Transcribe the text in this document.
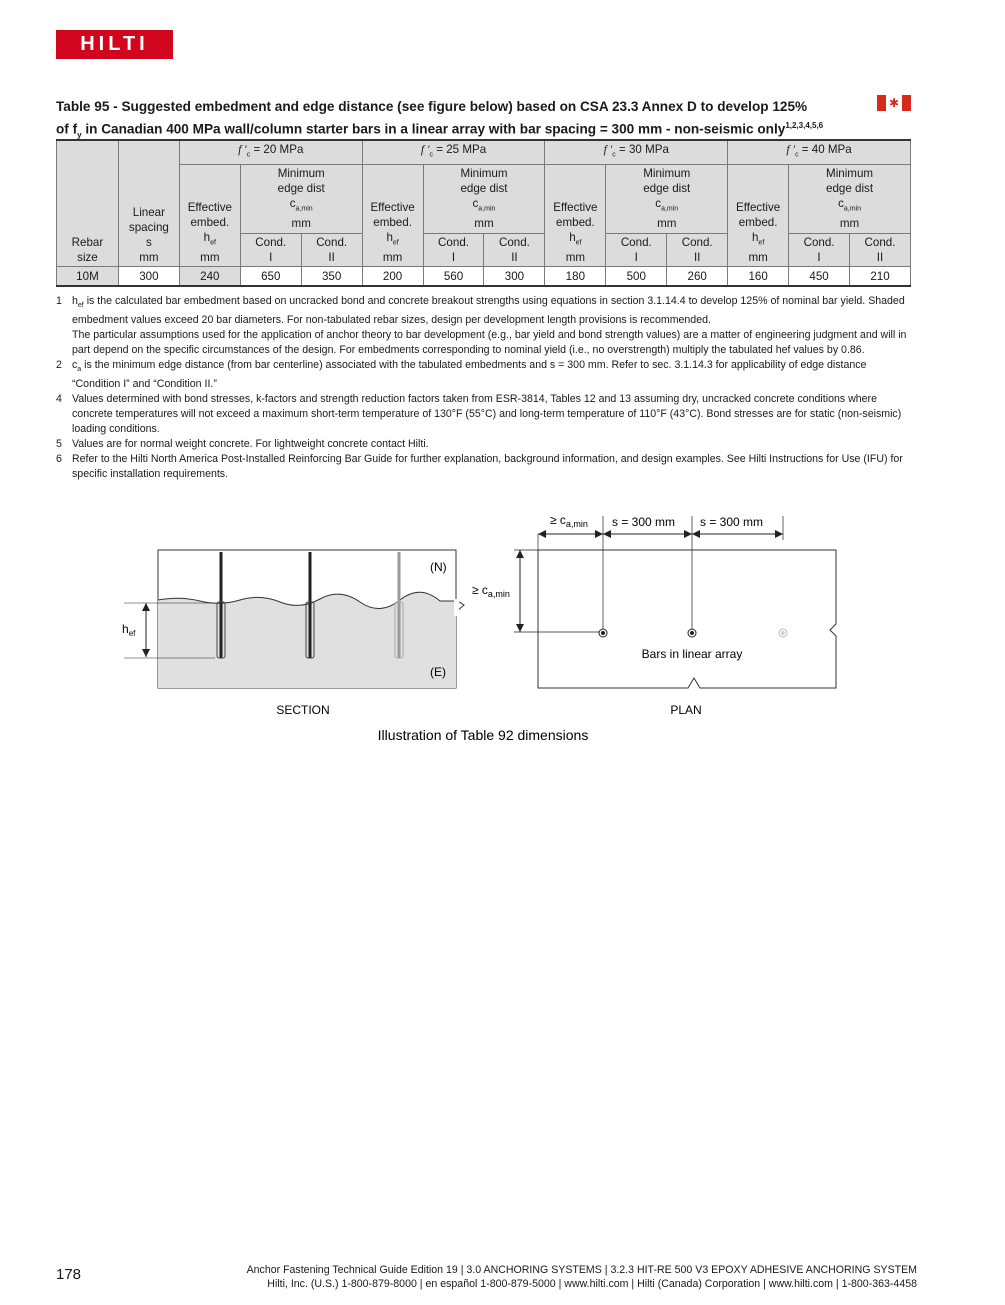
HILTI
Table 95 - Suggested embedment and edge distance (see figure below) based on CSA 23.3 Annex D to develop 125%
of $f_y$ in Canadian 400 MPa wall/column starter bars in a linear array with bar spacing = 300 mm - non-seismic only$^{1,2,3,4,5,6}$
✱
Rebar
size	Linear
spacing
s
mm	f $'_c = 20$ MPa			f $'_c = 25$ MPa			f $'_c = 30$ MPa			f $'_c = 40$ MPa		
		Effective
embed.
$h_{ef}$
mm	Minimum
edge dist
$c_{a,min}$
mm		Effective
embed.
$h_{ef}$
mm	Minimum
edge dist
$c_{a,min}$
mm		Effective
embed.
$h_{ef}$
mm	Minimum
edge dist
$c_{a,min}$
mm		Effective
embed.
$h_{ef}$
mm	Minimum
edge dist
$c_{a,min}$
mm	
			Cond.
I	Cond.
II		Cond.
I	Cond.
II		Cond.
I	Cond.
II		Cond.
I	Cond.
II
10M	300	240	650	350	200	560	300	180	500	260	160	450	210
1 $h_{ef}$ is the calculated bar embedment based on uncracked bond and concrete breakout strengths using equations in section 3.1.14.4 to develop 125% of nominal bar yield. Shaded embedment values exceed 20 bar diameters. For non-tabulated rebar sizes, design per development length provisions is recommended.
The particular assumptions used for the application of anchor theory to bar development (e.g., bar yield and bond strength values) are a matter of engineering judgment and will in part depend on the specific circumstances of the design. For embedments corresponding to nominal yield (i.e., no overstrength) multiply the tabulated hef values by 0.86.
2 $c_a$ is the minimum edge distance (from bar centerline) associated with the tabulated embedments and s = 300 mm. Refer to sec. 3.1.14.3 for applicability of edge distance “Condition I” and “Condition II.”
4 Values determined with bond stresses, k-factors and strength reduction factors taken from ESR-3814, Tables 12 and 13 assuming dry, uncracked concrete conditions where concrete temperatures will not exceed a maximum short-term temperature of 130°F (55°C) and long-term temperature of 110°F (43°C). Bond stresses are for static (non-seismic) loading conditions.
5 Values are for normal weight concrete. For lightweight concrete contact Hilti.
6 Refer to the Hilti North America Post-Installed Reinforcing Bar Guide for further explanation, background information, and design examples. See Hilti Instructions for Use (IFU) for specific installation requirements.
(N)
(E)
$h_{ef}$
SECTION
≥ $c_{a,min}$ s = 300 mm s = 300 mm
≥ $c_{a,min}$
Bars in linear array
PLAN
Illustration of Table 92 dimensions
178	Anchor Fastening Technical Guide Edition 19 | 3.0 ANCHORING SYSTEMS | 3.2.3 HIT-RE 500 V3 EPOXY ADHESIVE ANCHORING SYSTEM
Hilti, Inc. (U.S.) 1-800-879-8000 | en español 1-800-879-5000 | www.hilti.com | Hilti (Canada) Corporation | www.hilti.com | 1-800-363-4458
